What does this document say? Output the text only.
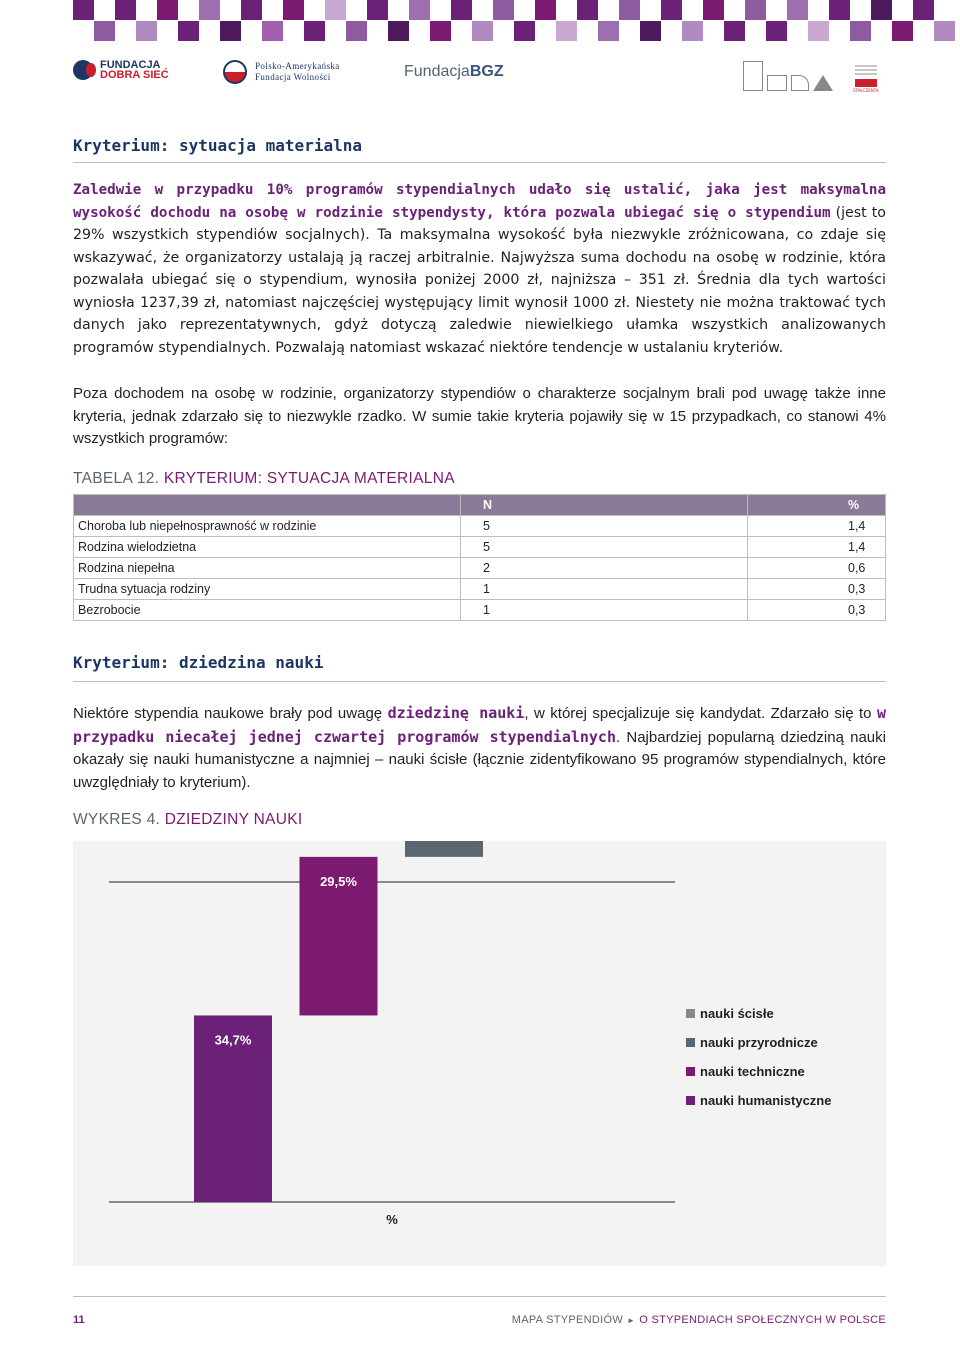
FUNDACJA
DOBRA SIEĆ
Polsko-Amerykańska
Fundacja Wolności	FundacjaBGZ
STAŁCZENTA
Kryterium: sytuacja materialna

Zaledwie w przypadku 10% programów stypendialnych udało się ustalić, jaka jest maksymalna wysokość dochodu na osobę w rodzinie stypendysty, która pozwala ubiegać się o stypendium (jest to 29% wszystkich stypendiów socjalnych). Ta maksymalna wysokość była niezwykle zróżnicowana, co zdaje się wskazywać, że organizatorzy ustalają ją raczej arbitralnie. Najwyższa suma dochodu na osobę w rodzinie, która pozwalała ubiegać się o stypendium, wynosiła poniżej 2000 zł, najniższa – 351 zł. Średnia dla tych wartości wyniosła 1237,39 zł, natomiast najczęściej występujący limit wynosił 1000 zł. Niestety nie można traktować tych danych jako reprezentatywnych, gdyż dotyczą zaledwie niewielkiego ułamka wszystkich analizowanych programów stypendialnych. Pozwalają natomiast wskazać niektóre tendencje w ustalaniu kryteriów.

Poza dochodem na osobę w rodzinie, organizatorzy stypendiów o charakterze socjalnym brali pod uwagę także inne kryteria, jednak zdarzało się to niezwykle rzadko. W sumie takie kryteria pojawiły się w 15 przypadkach, co stanowi 4% wszystkich programów:

TABELA 12. KRYTERIUM: SYTUACJA MATERIALNA

	N	%
Choroba lub niepełnosprawność w rodzinie	5	1,4
Rodzina wielodzietna	5	1,4
Rodzina niepełna	2	0,6
Trudna sytuacja rodziny	1	0,3
Bezrobocie	1	0,3
Kryterium: dziedzina nauki

Niektóre stypendia naukowe brały pod uwagę dziedzinę nauki, w której specjalizuje się kandydat. Zdarzało się to w przypadku niecałej jednej czwartej programów stypendialnych. Najbardziej popularną dziedziną nauki okazały się nauki humanistyczne a najmniej – nauki ścisłe (łącznie zidentyfikowano 95 programów stypendialnych, które uwzględniały to kryterium).

WYKRES 4. DZIEDZINY NAUKI

34,7%
29,5%
%
nauki ścisłe
nauki przyrodnicze
nauki techniczne
nauki humanistyczne
11	MAPA STYPENDIÓW ► O STYPENDIACH SPOŁECZNYCH W POLSCE
